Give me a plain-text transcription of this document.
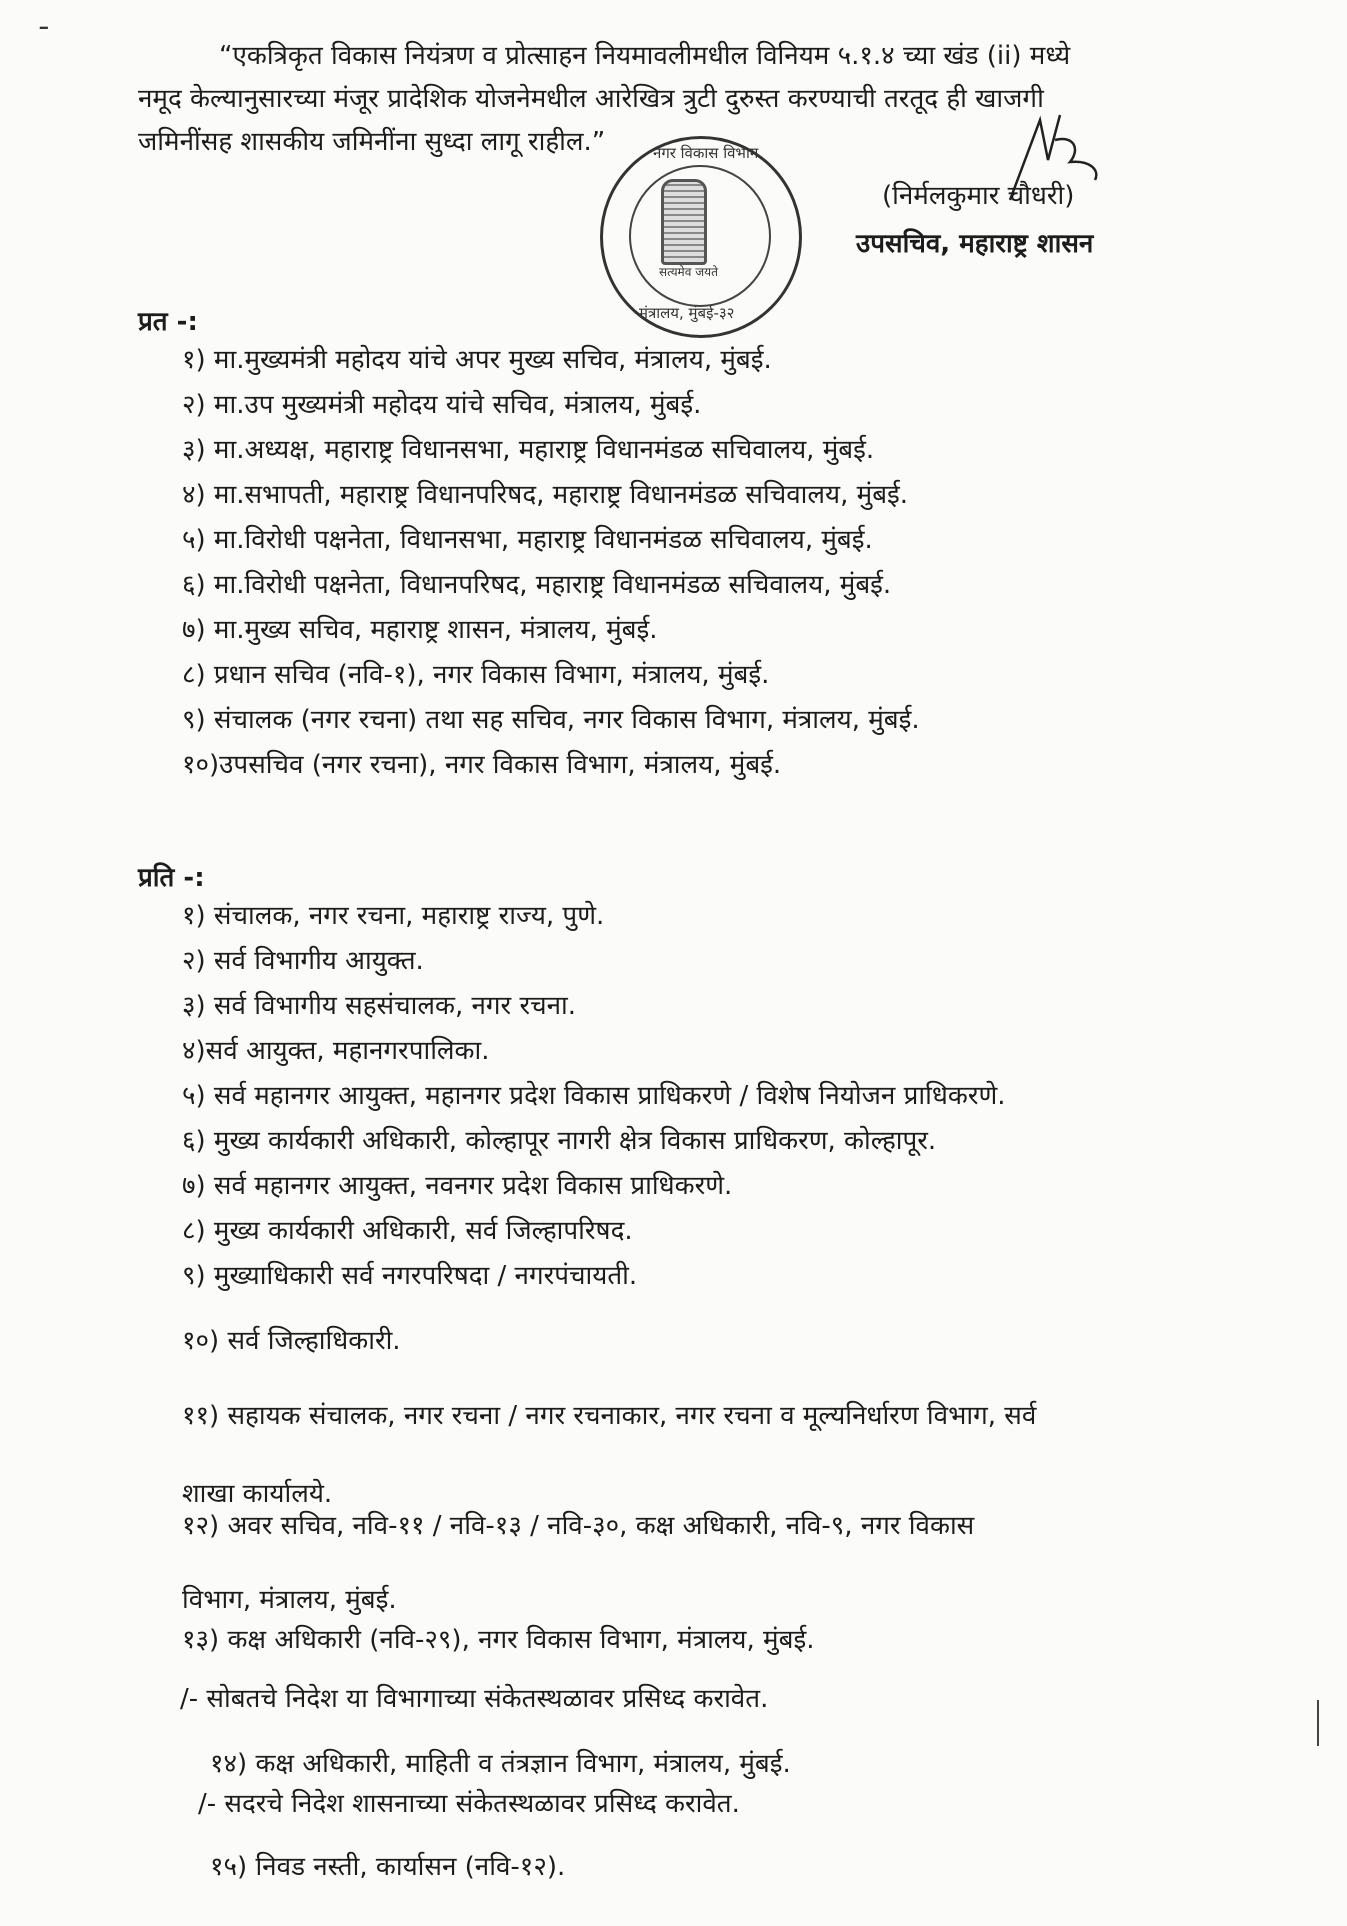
ـ
“एकत्रिकृत विकास नियंत्रण व प्रोत्साहन नियमावलीमधील विनियम ५.१.४ च्या खंड (ii) मध्ये
नमूद केल्यानुसारच्या मंजूर प्रादेशिक योजनेमधील आरेखित्र त्रुटी दुरुस्त करण्याची तरतूद ही खाजगी
जमिनींसह शासकीय जमिनींना सुध्दा लागू राहील.”	नगर विकास विभाग
सत्यमेव जयते
मंत्रालय, मुंबई-३२
(निर्मलकुमार चौधरी)
उपसचिव, महाराष्ट्र शासन
प्रत -:
१) मा.मुख्यमंत्री महोदय यांचे अपर मुख्य सचिव, मंत्रालय, मुंबई.
२) मा.उप मुख्यमंत्री महोदय यांचे सचिव, मंत्रालय, मुंबई.
३) मा.अध्यक्ष, महाराष्ट्र विधानसभा, महाराष्ट्र विधानमंडळ सचिवालय, मुंबई.
४) मा.सभापती, महाराष्ट्र विधानपरिषद, महाराष्ट्र विधानमंडळ सचिवालय, मुंबई.
५) मा.विरोधी पक्षनेता, विधानसभा, महाराष्ट्र विधानमंडळ सचिवालय, मुंबई.
६) मा.विरोधी पक्षनेता, विधानपरिषद, महाराष्ट्र विधानमंडळ सचिवालय, मुंबई.
७) मा.मुख्य सचिव, महाराष्ट्र शासन, मंत्रालय, मुंबई.
८) प्रधान सचिव (नवि-१), नगर विकास विभाग, मंत्रालय, मुंबई.
९) संचालक (नगर रचना) तथा सह सचिव, नगर विकास विभाग, मंत्रालय, मुंबई.
१०)उपसचिव (नगर रचना), नगर विकास विभाग, मंत्रालय, मुंबई.
प्रति -:
१) संचालक, नगर रचना, महाराष्ट्र राज्य, पुणे.
२) सर्व विभागीय आयुक्त.
३) सर्व विभागीय सहसंचालक, नगर रचना.
४)सर्व आयुक्त, महानगरपालिका.
५) सर्व महानगर आयुक्त, महानगर प्रदेश विकास प्राधिकरणे / विशेष नियोजन प्राधिकरणे.
६) मुख्य कार्यकारी अधिकारी, कोल्हापूर नागरी क्षेत्र विकास प्राधिकरण, कोल्हापूर.
७) सर्व महानगर आयुक्त, नवनगर प्रदेश विकास प्राधिकरणे.
८) मुख्य कार्यकारी अधिकारी, सर्व जिल्हापरिषद.
९) मुख्याधिकारी सर्व नगरपरिषदा / नगरपंचायती.
१०) सर्व जिल्हाधिकारी.
११) सहायक संचालक, नगर रचना / नगर रचनाकार, नगर रचना व मूल्यनिर्धारण विभाग, सर्व
शाखा कार्यालये.
१२) अवर सचिव, नवि-११ / नवि-१३ / नवि-३०, कक्ष अधिकारी, नवि-९, नगर विकास
विभाग, मंत्रालय, मुंबई.
१३) कक्ष अधिकारी (नवि-२९), नगर विकास विभाग, मंत्रालय, मुंबई.
/- सोबतचे निदेश या विभागाच्या संकेतस्थळावर प्रसिध्द करावेत.
१४) कक्ष अधिकारी, माहिती व तंत्रज्ञान विभाग, मंत्रालय, मुंबई.
/- सदरचे निदेश शासनाच्या संकेतस्थळावर प्रसिध्द करावेत.
१५) निवड नस्ती, कार्यासन (नवि-१२).
